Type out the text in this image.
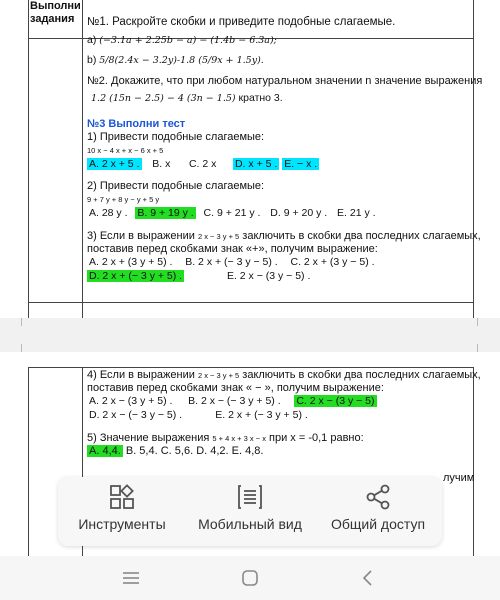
Выполни задания	№1. Раскройте скобки и приведите подобные слагаемые.
а) (−3.1a + 2.25b − a) − (1.4b − 6.3a);
b) 5/8(2.4x − 3.2y)-1.8 (5/9x + 1.5y).
№2. Докажите, что при любом натуральном значении n значение выражения
1.2 (15n − 2.5) − 4 (3n − 1.5) кратно 3.
№3 Выполни тест
1) Привести подобные слагаемые:
10 x − 4 x + x − 6 x + 5
A. 2 x + 5 . B. x C. 2 x D. x + 5 . E. − x .
2) Привести подобные слагаемые:
9 + 7 y + 8 y − y + 5 y
A. 28 y . B. 9 + 19 y . C. 9 + 21 y . D. 9 + 20 y . E. 21 y .
3) Если в выражении 2 x − 3 y + 5 заключить в скобки два последних слагаемых,
поставив перед скобками знак «+», получим выражение:
A. 2 x + (3 y + 5) . B. 2 x + (− 3 y − 5) . C. 2 x + (3 y − 5) .
D. 2 x + (− 3 y + 5) .	E. 2 x − (3 y − 5) .
4) Если в выражении 2 x − 3 y + 5 заключить в скобки два последних слагаемых,
поставив перед скобками знак « − », получим выражение:
A. 2 x − (3 y + 5) . B. 2 x − (− 3 y + 5) . C. 2 x − (3 y − 5)
D. 2 x − (− 3 y − 5) .	E. 2 x + (− 3 y + 5) .
5) Значение выражения 5 + 4 x + 3 x − x при x = -0,1 равно:
A. 4,4. B. 5,4. C. 5,6. D. 4,2. E. 4,8.
лучим
Инструменты	Мобильный вид	Общий доступ
